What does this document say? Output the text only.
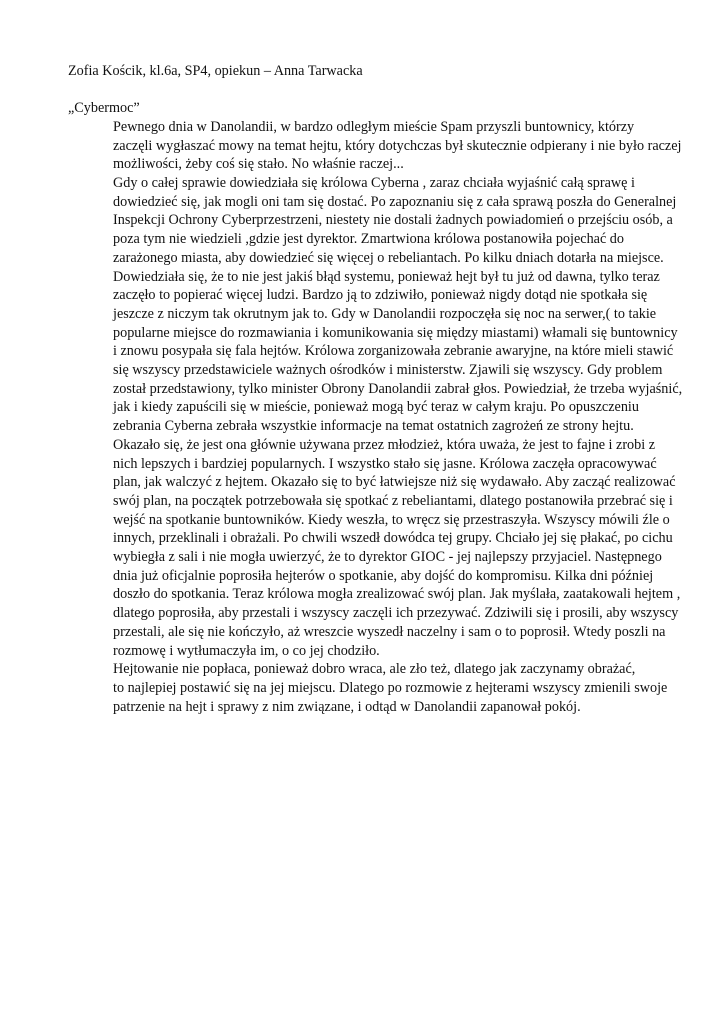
Zofia Kościk, kl.6a, SP4, opiekun – Anna Tarwacka

„Cybermoc”

Pewnego dnia w Danolandii, w bardzo odległym mieście Spam przyszli buntownicy, którzy
zaczęli wygłaszać mowy na temat hejtu, który dotychczas był skutecznie odpierany i nie było raczej
możliwości, żeby coś się stało. No właśnie raczej...

Gdy o całej sprawie dowiedziała się królowa Cyberna , zaraz chciała wyjaśnić całą sprawę i
dowiedzieć się, jak mogli oni tam się dostać. Po zapoznaniu się z cała sprawą poszła do Generalnej
Inspekcji Ochrony Cyberprzestrzeni, niestety nie dostali żadnych powiadomień o przejściu osób, a
poza tym nie wiedzieli ,gdzie jest dyrektor. Zmartwiona królowa postanowiła pojechać do
zarażonego miasta, aby dowiedzieć się więcej o rebeliantach. Po kilku dniach dotarła na miejsce.
Dowiedziała się, że to nie jest jakiś błąd systemu, ponieważ hejt był tu już od dawna, tylko teraz
zaczęło to popierać więcej ludzi. Bardzo ją to zdziwiło, ponieważ nigdy dotąd nie spotkała się
jeszcze z niczym tak okrutnym jak to. Gdy w Danolandii rozpoczęła się noc na serwer,( to takie
popularne miejsce do rozmawiania i komunikowania się między miastami) włamali się buntownicy
i znowu posypała się fala hejtów. Królowa zorganizowała zebranie awaryjne, na które mieli stawić
się wszyscy przedstawiciele ważnych ośrodków i ministerstw. Zjawili się wszyscy. Gdy problem
został przedstawiony, tylko minister Obrony Danolandii zabrał głos. Powiedział, że trzeba wyjaśnić,
jak i kiedy zapuścili się w mieście, ponieważ mogą być teraz w całym kraju. Po opuszczeniu
zebrania Cyberna zebrała wszystkie informacje na temat ostatnich zagrożeń ze strony hejtu.
Okazało się, że jest ona głównie używana przez młodzież, która uważa, że jest to fajne i zrobi z
nich lepszych i bardziej popularnych. I wszystko stało się jasne. Królowa zaczęła opracowywać
plan, jak walczyć z hejtem. Okazało się to być łatwiejsze niż się wydawało. Aby zacząć realizować
swój plan, na początek potrzebowała się spotkać z rebeliantami, dlatego postanowiła przebrać się i
wejść na spotkanie buntowników. Kiedy weszła, to wręcz się przestraszyła. Wszyscy mówili źle o
innych, przeklinali i obrażali. Po chwili wszedł dowódca tej grupy. Chciało jej się płakać, po cichu
wybiegła z sali i nie mogła uwierzyć, że to dyrektor GIOC - jej najlepszy przyjaciel. Następnego
dnia już oficjalnie poprosiła hejterów o spotkanie, aby dojść do kompromisu. Kilka dni później
doszło do spotkania. Teraz królowa mogła zrealizować swój plan. Jak myślała, zaatakowali hejtem ,
dlatego poprosiła, aby przestali i wszyscy zaczęli ich przezywać. Zdziwili się i prosili, aby wszyscy
przestali, ale się nie kończyło, aż wreszcie wyszedł naczelny i sam o to poprosił. Wtedy poszli na
rozmowę i wytłumaczyła im, o co jej chodziło.

Hejtowanie nie popłaca, ponieważ dobro wraca, ale zło też, dlatego jak zaczynamy obrażać,
to najlepiej postawić się na jej miejscu. Dlatego po rozmowie z hejterami wszyscy zmienili swoje
patrzenie na hejt i sprawy z nim związane, i odtąd w Danolandii zapanował pokój.
